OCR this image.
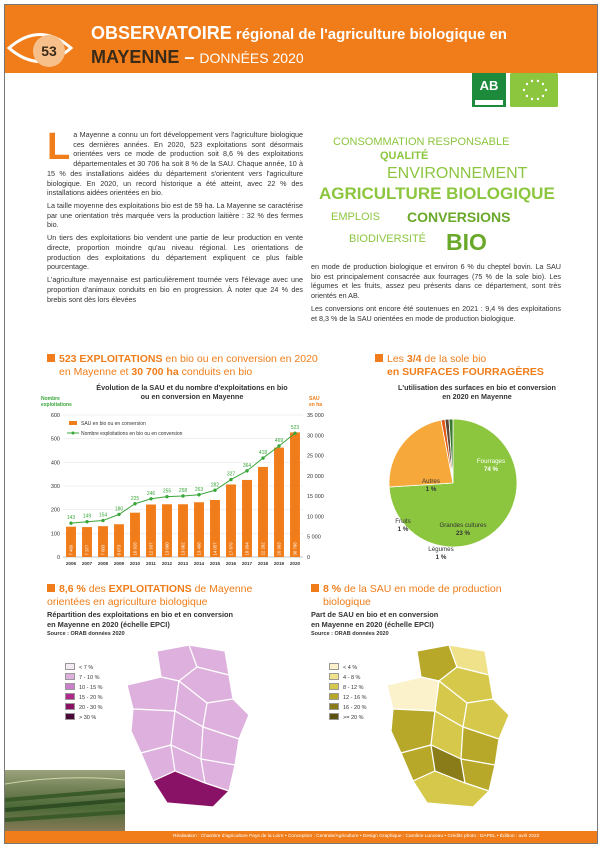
53
OBSERVATOIRE régional de l'agriculture biologique en
MAYENNE – DONNÉES 2020
AB
L a Mayenne a connu un fort développement vers l'agriculture biologique ces dernières années. En 2020, 523 exploitations sont désormais orientées vers ce mode de production soit 8,6 % des exploitations départementales et 30 706 ha soit 8 % de la SAU. Chaque année, 10 à 15 % des installations aidées du département s'orientent vers l'agriculture biologique. En 2020, un record historique a été atteint, avec 22 % des installations aidées orientées en bio.

La taille moyenne des exploitations bio est de 59 ha. La Mayenne se caractérise par une orientation très marquée vers la production laitière : 32 % des fermes bio.

Un tiers des exploitations bio vendent une partie de leur production en vente directe, proportion moindre qu'au niveau régional. Les orientations de production des exploitations du département expliquent ce plus faible pourcentage.

L'agriculture mayennaise est particulièrement tournée vers l'élevage avec une proportion d'animaux conduits en bio en progression. À noter que 24 % des brebis sont dès lors élevées

CONSOMMATION RESPONSABLE
QUALITÉ
ENVIRONNEMENT
AGRICULTURE BIOLOGIQUE
EMPLOIS CONVERSIONS
BIODIVERSITÉ BIO

en mode de production biologique et environ 6 % du cheptel bovin. La SAU bio est principalement consacrée aux fourrages (75 % de la sole bio). Les légumes et les fruits, assez peu présents dans ce département, sont très orientés en AB.

Les conversions ont encore été soutenues en 2021 : 9,4 % des exploitations et 8,3 % de la SAU orientées en mode de production biologique.

523 EXPLOITATIONS en bio ou en conversion en 2020
en Mayenne et 30 700 ha conduits en bio
Évolution de la SAU et du nombre d'exploitations en bio
ou en conversion en Mayenne
Nombre
exploitations
SAU
en ha
0
100
200
300
400
500
600
0
5 000
10 000
15 000
20 000
25 000
30 000
35 000
7 469
2006
7 377
2007
7 603
2008
8 073
2009
10 926
2010
12 937
2011
13 000
2012
13 002
2013
13 498
2014
14 057
2015
17 879
2016
18 994
2017
22 202
2018
26 963
2019
30 706
2020
143 149 154
180
225
246 255 258 263
282
327
364
418
469
523
SAU en bio ou en conversion
Nombre exploitations en bio ou en conversion
Les 3/4 de la sole bio
en SURFACES FOURRAGÈRES
L'utilisation des surfaces en bio et conversion
en 2020 en Mayenne
Fourrages
74 %
Grandes cultures
23 %
Légumes
1 %
Fruits
1 %
Autres
1 %
8,6 % des EXPLOITATIONS de Mayenne
orientées en agriculture biologique
Répartition des exploitations en bio et en conversion
en Mayenne en 2020 (échelle EPCI)
Source : ORAB données 2020
< 7 %
7 - 10 %
10 - 15 %
15 - 20 %
20 - 30 %
> 30 %
8 % de la SAU en mode de production
biologique
Part de SAU en bio et en conversion
en Mayenne en 2020 (échelle EPCI)
Source : ORAB données 2020
< 4 %
4 - 8 %
8 - 12 %
12 - 16 %
16 - 20 %
>= 20 %
Réalisation : Chambre d'agriculture Pays de la Loire • Conception : Centrale/Agriculture • Design Graphique : Caroline Lunceau • Crédits photo : DAPEL • Édition : avril 2022
